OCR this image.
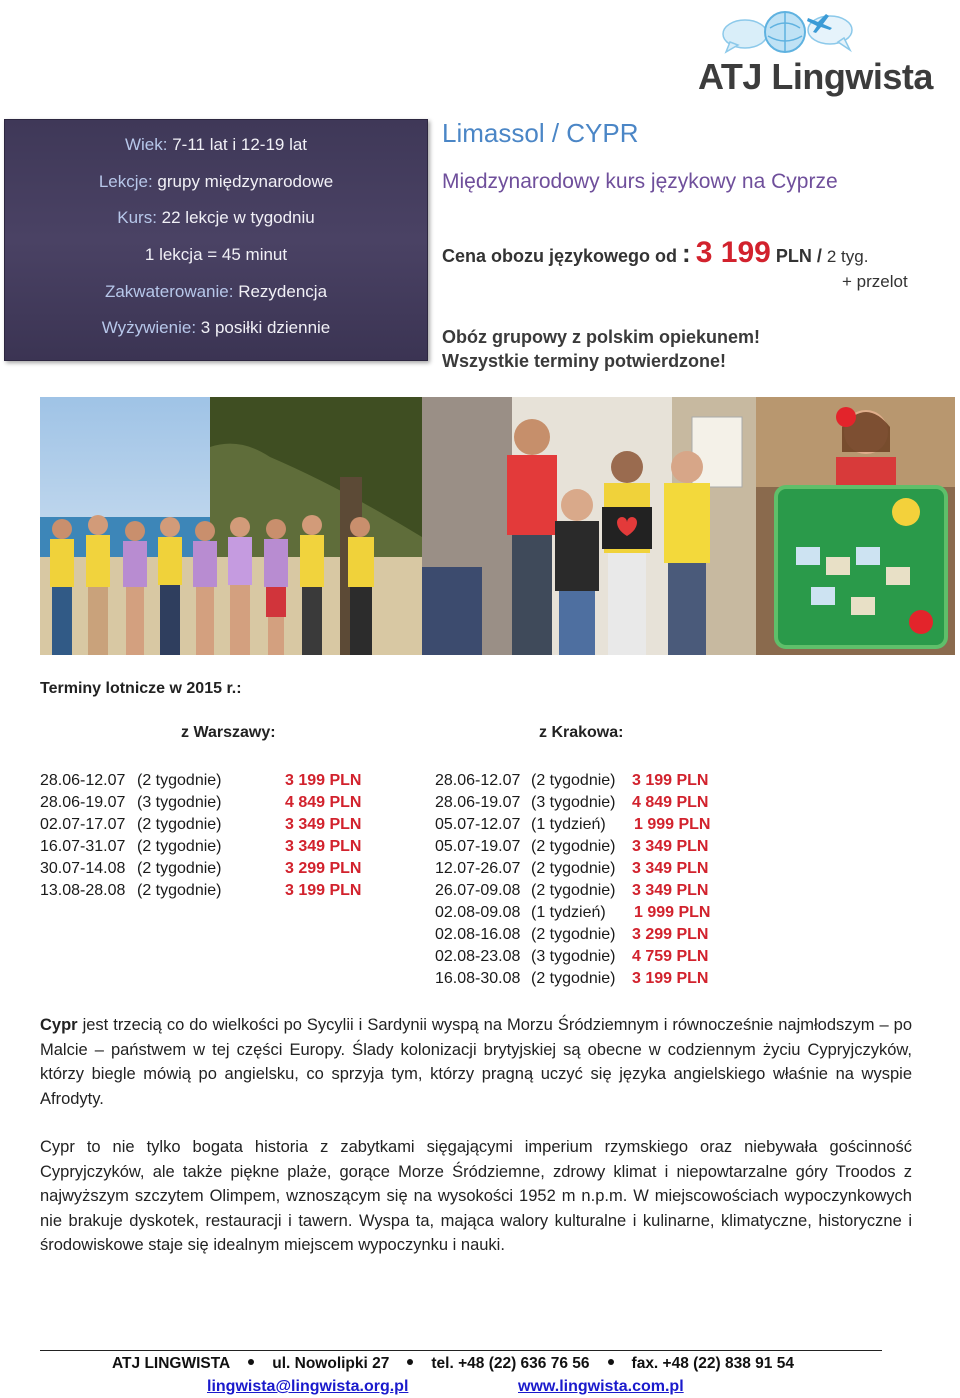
ATJ Lingwista
Wiek: 7-11 lat i 12-19 lat
Lekcje: grupy międzynarodowe
Kurs: 22 lekcje w tygodniu
1 lekcja = 45 minut
Zakwaterowanie: Rezydencja
Wyżywienie: 3 posiłki dziennie
Limassol / CYPR
Międzynarodowy kurs językowy na Cyprze
Cena obozu językowego od : 3 199 PLN / 2 tyg.
+ przelot
Obóz grupowy z polskim opiekunem!
Wszystkie terminy potwierdzone!
Terminy lotnicze w 2015 r.:
z Warszawy:	z Krakowa:
28.06-12.07 (2 tygodnie)	3 199 PLN
28.06-19.07 (3 tygodnie)	4 849 PLN
02.07-17.07 (2 tygodnie)	3 349 PLN
16.07-31.07 (2 tygodnie)	3 349 PLN
30.07-14.08 (2 tygodnie)	3 299 PLN
13.08-28.08 (2 tygodnie)	3 199 PLN
28.06-12.07 (2 tygodnie) 3 199 PLN
28.06-19.07 (3 tygodnie) 4 849 PLN
05.07-12.07 (1 tydzień) 1 999 PLN
05.07-19.07 (2 tygodnie) 3 349 PLN
12.07-26.07 (2 tygodnie) 3 349 PLN
26.07-09.08 (2 tygodnie) 3 349 PLN
02.08-09.08 (1 tydzień) 1 999 PLN
02.08-16.08 (2 tygodnie) 3 299 PLN
02.08-23.08 (3 tygodnie) 4 759 PLN
16.08-30.08 (2 tygodnie) 3 199 PLN
Cypr jest trzecią co do wielkości po Sycylii i Sardynii wyspą na Morzu Śródziemnym i równocześnie najmłodszym – po Malcie – państwem w tej części Europy. Ślady kolonizacji brytyjskiej są obecne w codziennym życiu Cypryjczyków, którzy biegle mówią po angielsku, co sprzyja tym, którzy pragną uczyć się języka angielskiego właśnie na wyspie Afrodyty.
Cypr to nie tylko bogata historia z zabytkami sięgającymi imperium rzymskiego oraz niebywała gościnność Cypryjczyków, ale także piękne plaże, gorące Morze Śródziemne, zdrowy klimat i niepowtarzalne góry Troodos z najwyższym szczytem Olimpem, wznoszącym się na wysokości 1952 m n.p.m. W miejscowościach wypoczynkowych nie brakuje dyskotek, restauracji i tawern. Wyspa ta, mająca walory kulturalne i kulinarne, klimatyczne, historyczne i środowiskowe staje się idealnym miejscem wypoczynku i nauki.
ATJ LINGWISTA	ul. Nowolipki 27	tel. +48 (22) 636 76 56	fax. +48 (22) 838 91 54
lingwista@lingwista.org.pl	www.lingwista.com.pl
